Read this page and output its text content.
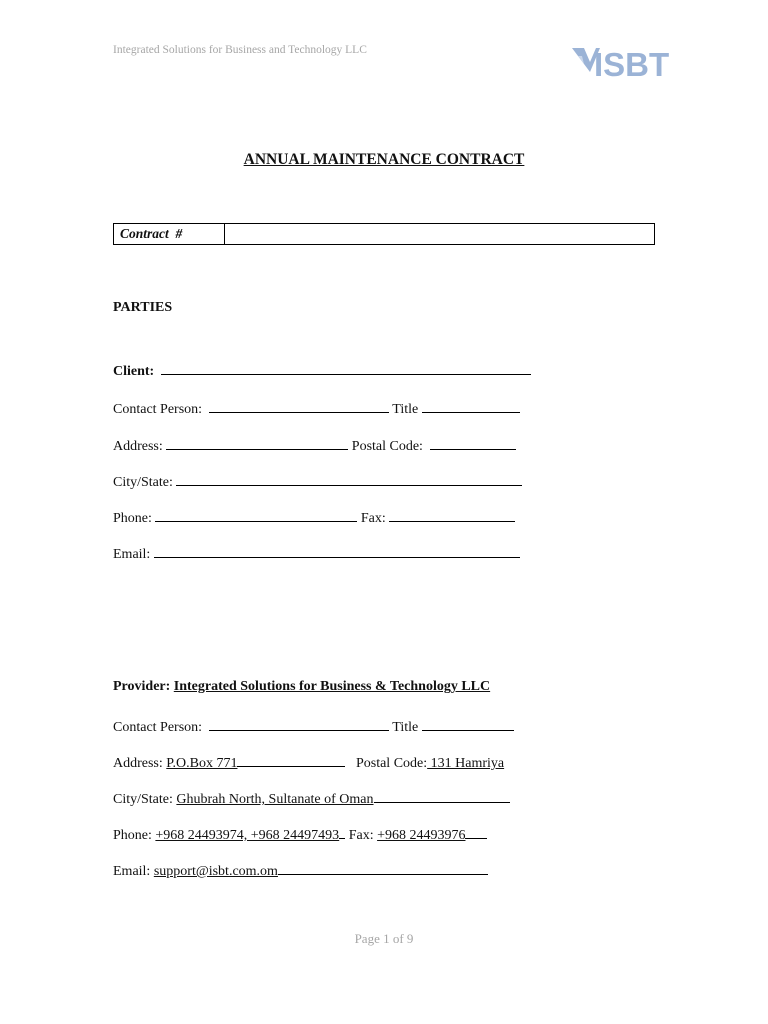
Integrated Solutions for Business and Technology LLC	ISBT
ANNUAL MAINTENANCE CONTRACT
Contract  #
PARTIES
Client:
Contact Person:	Title
Address:	Postal Code:
City/State:
Phone:	Fax:
Email:
Provider: Integrated Solutions for Business & Technology LLC
Contact Person:	Title
Address: P.O.Box 771	Postal Code: 131 Hamriya
City/State: Ghubrah North, Sultanate of Oman
Phone: +968 24493974, +968 24497493 Fax: +968 24493976
Email: support@isbt.com.om
Page 1 of 9
